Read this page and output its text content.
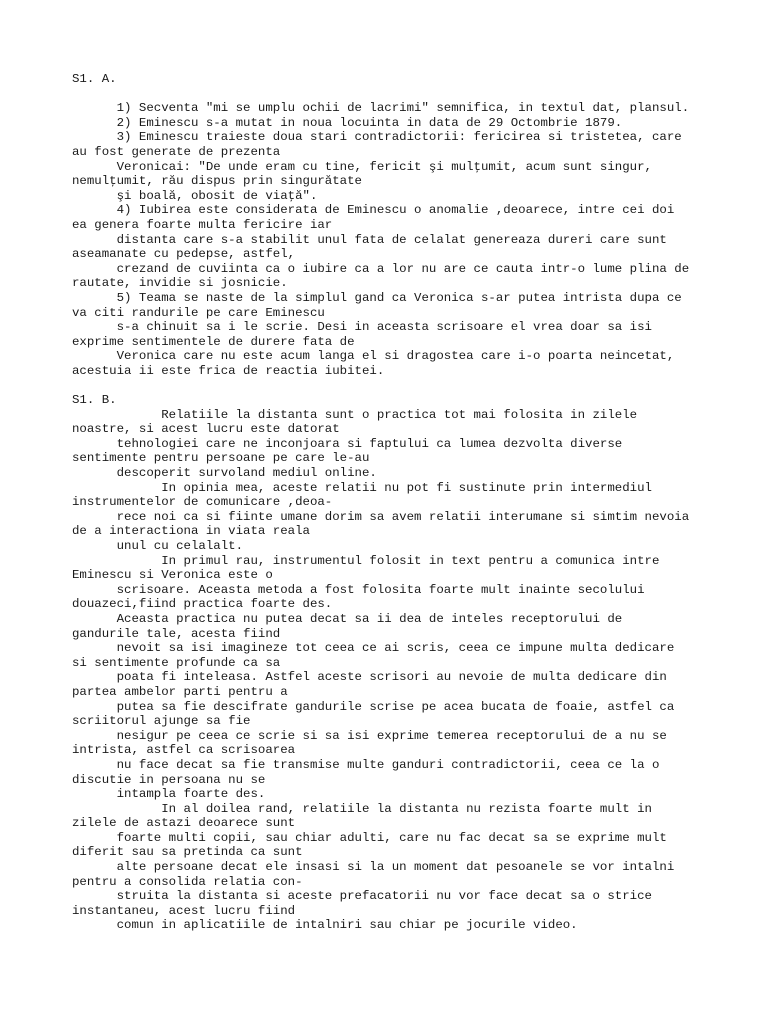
S1. A.

1) Secventa "mi se umplu ochii de lacrimi" semnifica, in textul dat, plansul.
2) Eminescu s-a mutat in noua locuinta in data de 29 Octombrie 1879.
3) Eminescu traieste doua stari contradictorii: fericirea si tristetea, care
au fost generate de prezenta
Veronicai: "De unde eram cu tine, fericit şi mulţumit, acum sunt singur,
nemulţumit, rău dispus prin singurătate
şi boală, obosit de viaţă".
4) Iubirea este considerata de Eminescu o anomalie ,deoarece, intre cei doi
ea genera foarte multa fericire iar
distanta care s-a stabilit unul fata de celalat genereaza dureri care sunt
aseamanate cu pedepse, astfel,
crezand de cuviinta ca o iubire ca a lor nu are ce cauta intr-o lume plina de
rautate, invidie si josnicie.
5) Teama se naste de la simplul gand ca Veronica s-ar putea intrista dupa ce
va citi randurile pe care Eminescu
s-a chinuit sa i le scrie. Desi in aceasta scrisoare el vrea doar sa isi
exprime sentimentele de durere fata de
Veronica care nu este acum langa el si dragostea care i-o poarta neincetat,
acestuia ii este frica de reactia iubitei.

S1. B.
Relatiile la distanta sunt o practica tot mai folosita in zilele
noastre, si acest lucru este datorat
tehnologiei care ne inconjoara si faptului ca lumea dezvolta diverse
sentimente pentru persoane pe care le-au
descoperit survoland mediul online.
In opinia mea, aceste relatii nu pot fi sustinute prin intermediul
instrumentelor de comunicare ,deoa-
rece noi ca si fiinte umane dorim sa avem relatii interumane si simtim nevoia
de a interactiona in viata reala
unul cu celalalt.
In primul rau, instrumentul folosit in text pentru a comunica intre
Eminescu si Veronica este o
scrisoare. Aceasta metoda a fost folosita foarte mult inainte secolului
douazeci,fiind practica foarte des.
Aceasta practica nu putea decat sa ii dea de inteles receptorului de
gandurile tale, acesta fiind
nevoit sa isi imagineze tot ceea ce ai scris, ceea ce impune multa dedicare
si sentimente profunde ca sa
poata fi inteleasa. Astfel aceste scrisori au nevoie de multa dedicare din
partea ambelor parti pentru a
putea sa fie descifrate gandurile scrise pe acea bucata de foaie, astfel ca
scriitorul ajunge sa fie
nesigur pe ceea ce scrie si sa isi exprime temerea receptorului de a nu se
intrista, astfel ca scrisoarea
nu face decat sa fie transmise multe ganduri contradictorii, ceea ce la o
discutie in persoana nu se
intampla foarte des.
In al doilea rand, relatiile la distanta nu rezista foarte mult in
zilele de astazi deoarece sunt
foarte multi copii, sau chiar adulti, care nu fac decat sa se exprime mult
diferit sau sa pretinda ca sunt
alte persoane decat ele insasi si la un moment dat pesoanele se vor intalni
pentru a consolida relatia con-
struita la distanta si aceste prefacatorii nu vor face decat sa o strice
instantaneu, acest lucru fiind
comun in aplicatiile de intalniri sau chiar pe jocurile video.
